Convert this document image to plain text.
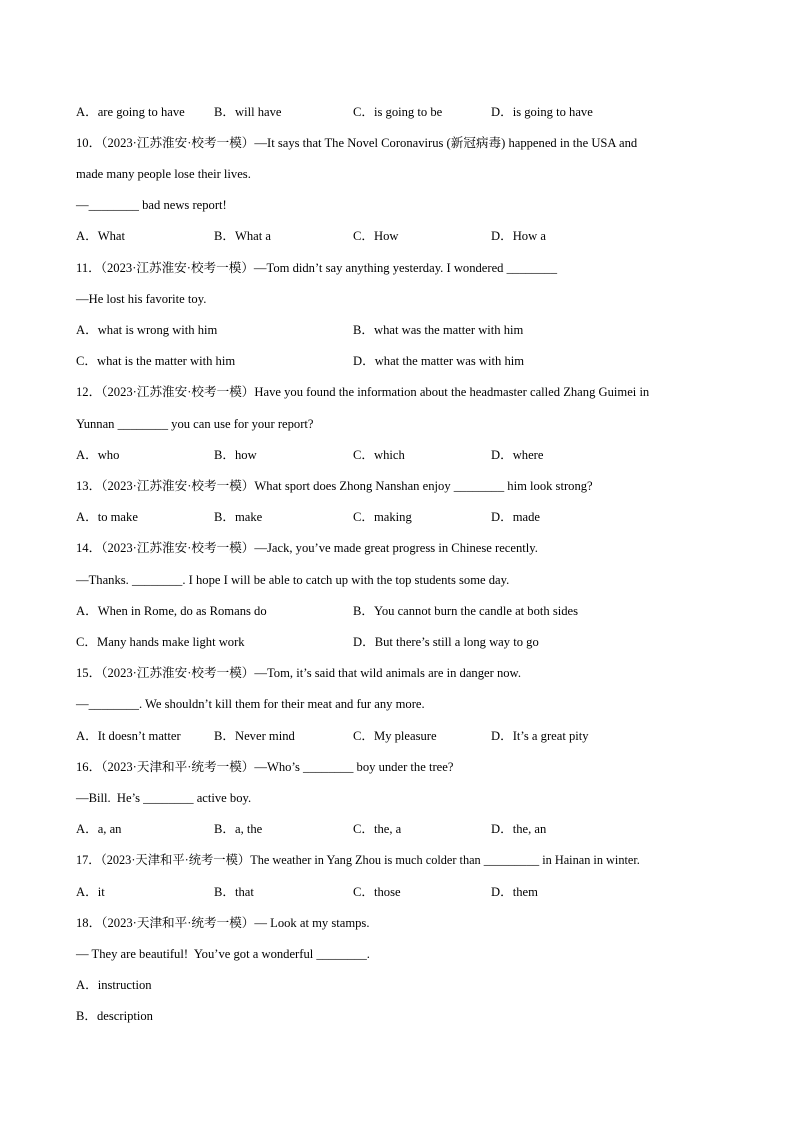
A．are going to have B．will have	C．is going to be	D．is going to have
10．（2023·江苏淮安·校考一模）—It says that The Novel Coronavirus (新冠病毒) happened in the USA and
made many people lose their lives.
—________ bad news report!
A．What	B．What a	C．How	D．How a
11．（2023·江苏淮安·校考一模）—Tom didn’t say anything yesterday. I wondered ________
—He lost his favorite toy.
A．what is wrong with him	B．what was the matter with him
C．what is the matter with him	D．what the matter was with him
12．（2023·江苏淮安·校考一模）Have you found the information about the headmaster called Zhang Guimei in
Yunnan ________ you can use for your report?
A．who	B．how	C．which	D．where
13．（2023·江苏淮安·校考一模）What sport does Zhong Nanshan enjoy ________ him look strong?
A．to make	B．make	C．making	D．made
14．（2023·江苏淮安·校考一模）—Jack, you’ve made great progress in Chinese recently.
—Thanks. ________. I hope I will be able to catch up with the top students some day.
A．When in Rome, do as Romans do	B．You cannot burn the candle at both sides
C．Many hands make light work	D．But there’s still a long way to go
15．（2023·江苏淮安·校考一模）—Tom, it’s said that wild animals are in danger now.
—________. We shouldn’t kill them for their meat and fur any more.
A．It doesn’t matter	B．Never mind	C．My pleasure	D．It’s a great pity
16．（2023·天津和平·统考一模）—Who’s ________ boy under the tree?
—Bill.  He’s ________ active boy.
A．a, an	B．a, the	C．the, a	D．the, an
17．（2023·天津和平·统考一模）The weather in Yang Zhou is much colder than _________ in Hainan in winter.
A．it	B．that	C．those	D．them
18．（2023·天津和平·统考一模）— Look at my stamps.
— They are beautiful!  You’ve got a wonderful ________.
A．instruction
B．description
